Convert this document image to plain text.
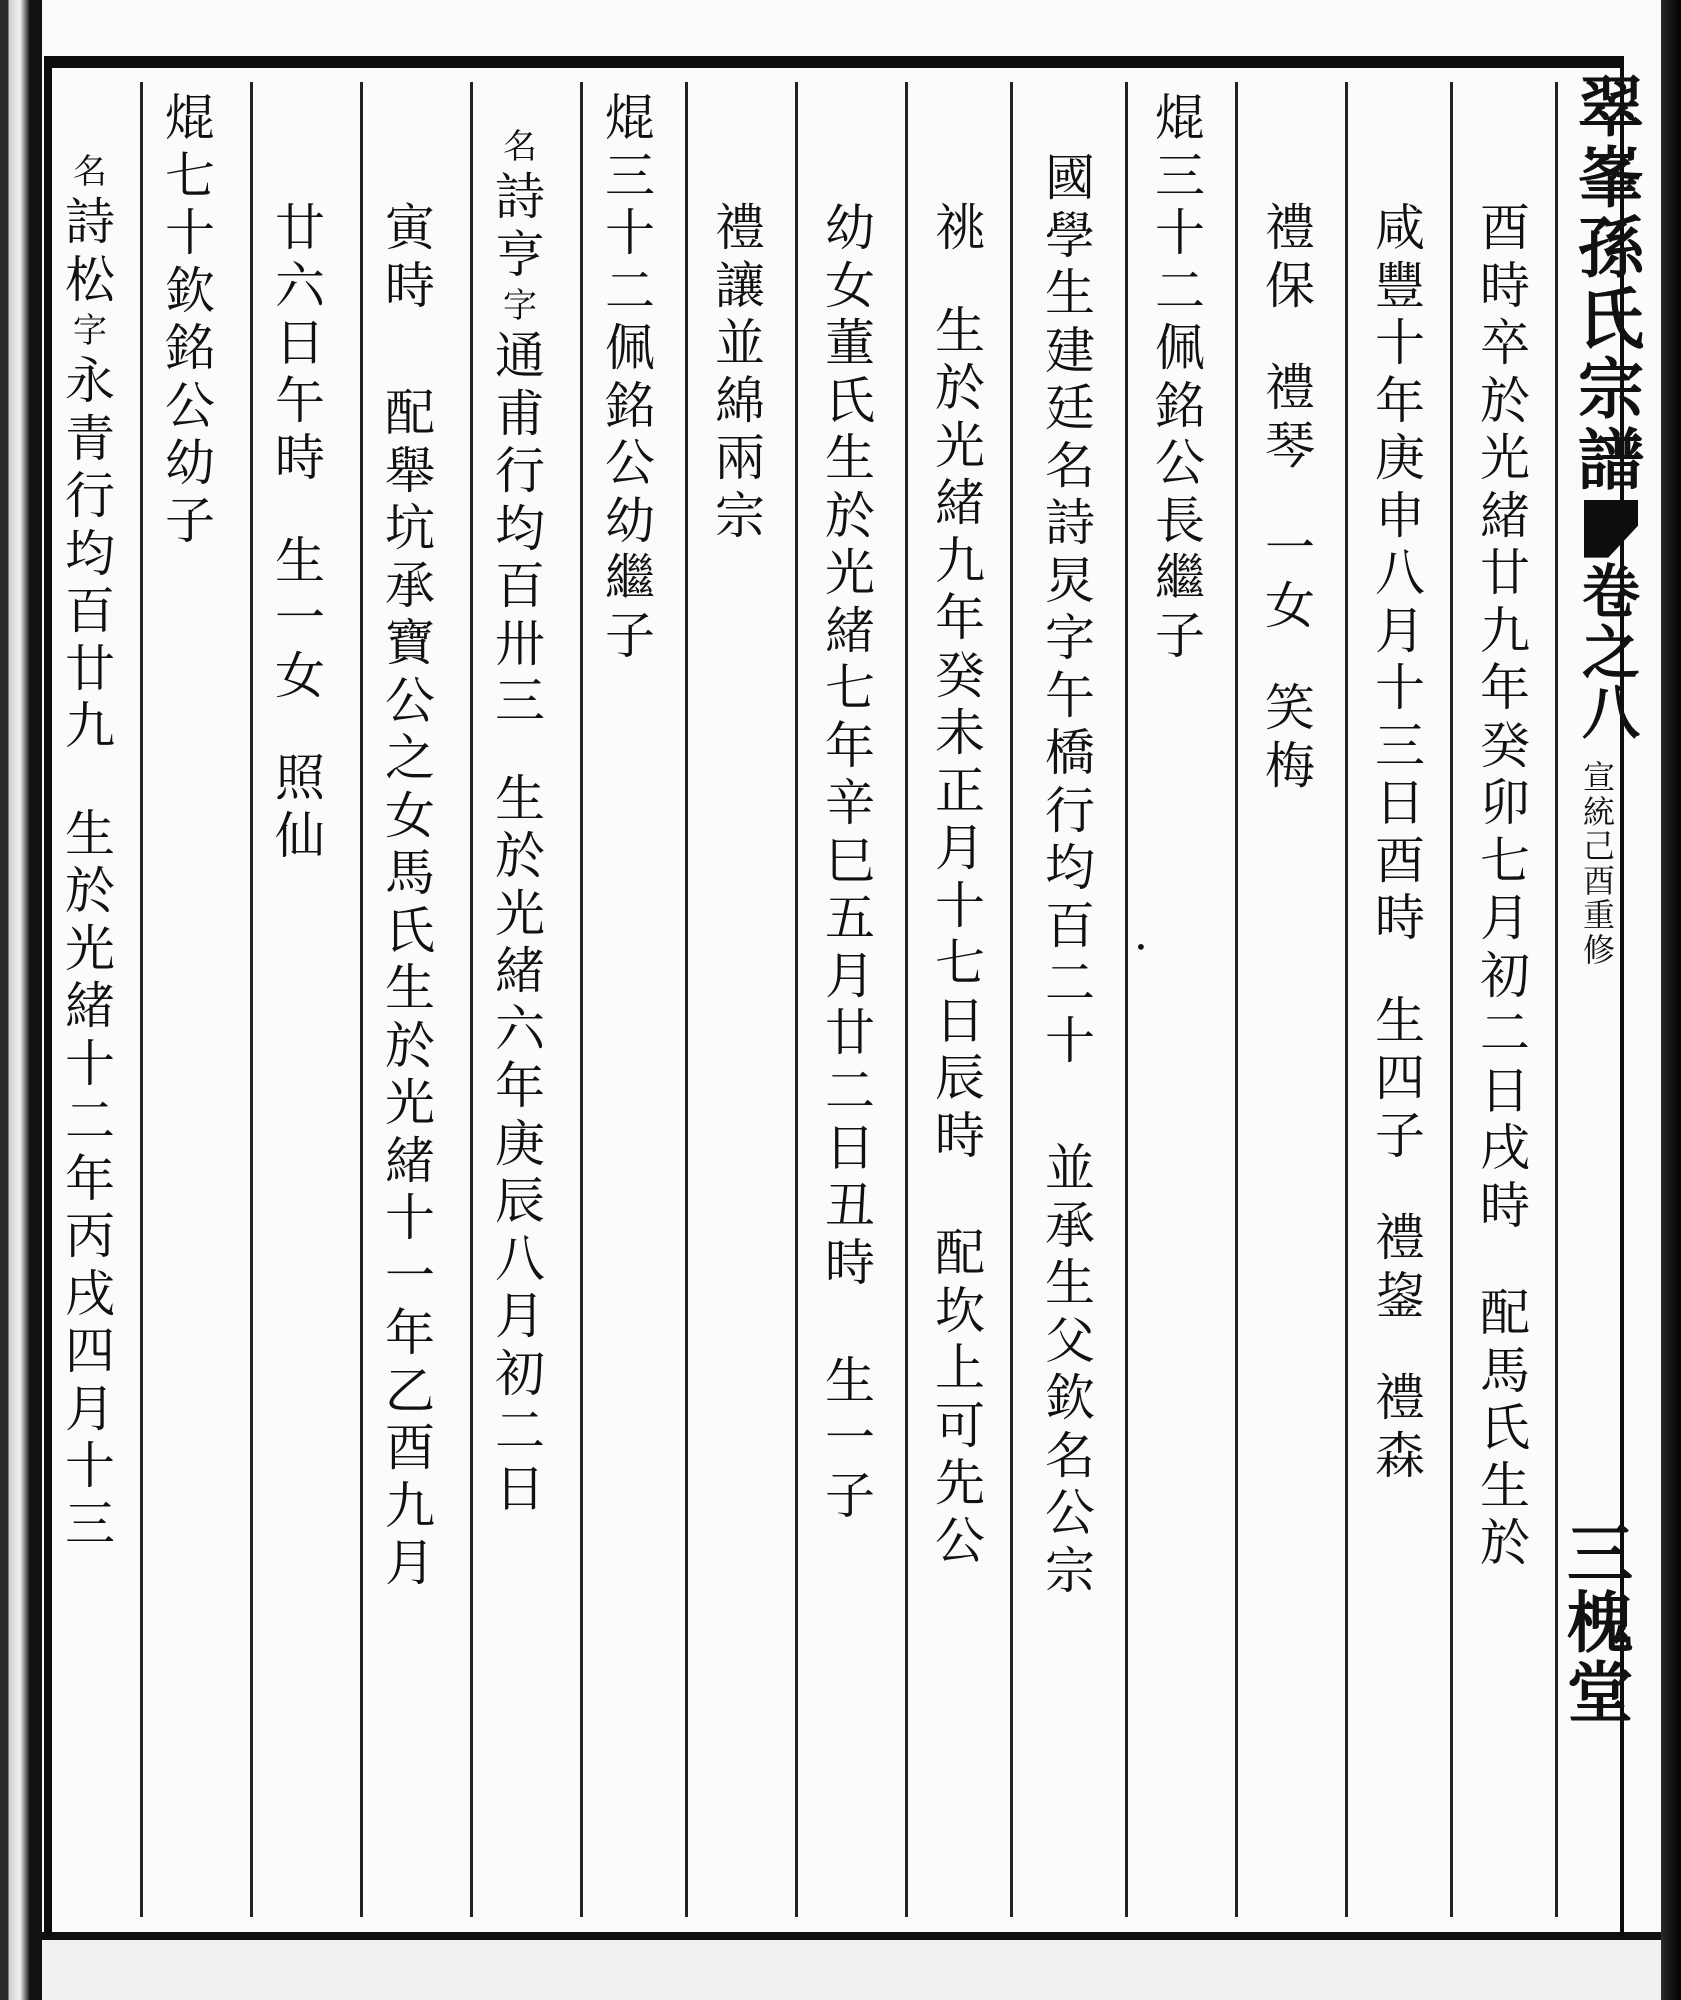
翠
峯
孫
氏
宗
譜
卷之八
宣統己酉重修
三槐堂
酉時卒於光緒廿九年癸卯七月初二日戌時
配馬氏生於
咸豐十年庚申八月十三日酉時
生四子
禮鋆
禮森
禮保
禮琴
一女
笑梅
焜三十二佩銘公長繼子
國學生建廷名詩炅字午橋行均百二十
並承生父欽名公宗
祧
生於光緒九年癸未正月十七日辰時
配坎上可先公
幼女董氏生於光緒七年辛巳五月廿二日丑時
生一子
禮讓並綿兩宗
焜三十二佩銘公幼繼子
名
詩亨
字
通甫行均百卅三
生於光緒六年庚辰八月初二日
寅時
配舉坑承寶公之女馬氏生於光緒十一年乙酉九月
廿六日午時
生一女
照仙
焜七十欽銘公幼子
名
詩松
字
永青行均百廿九
生於光緒十二年丙戌四月十三
•
